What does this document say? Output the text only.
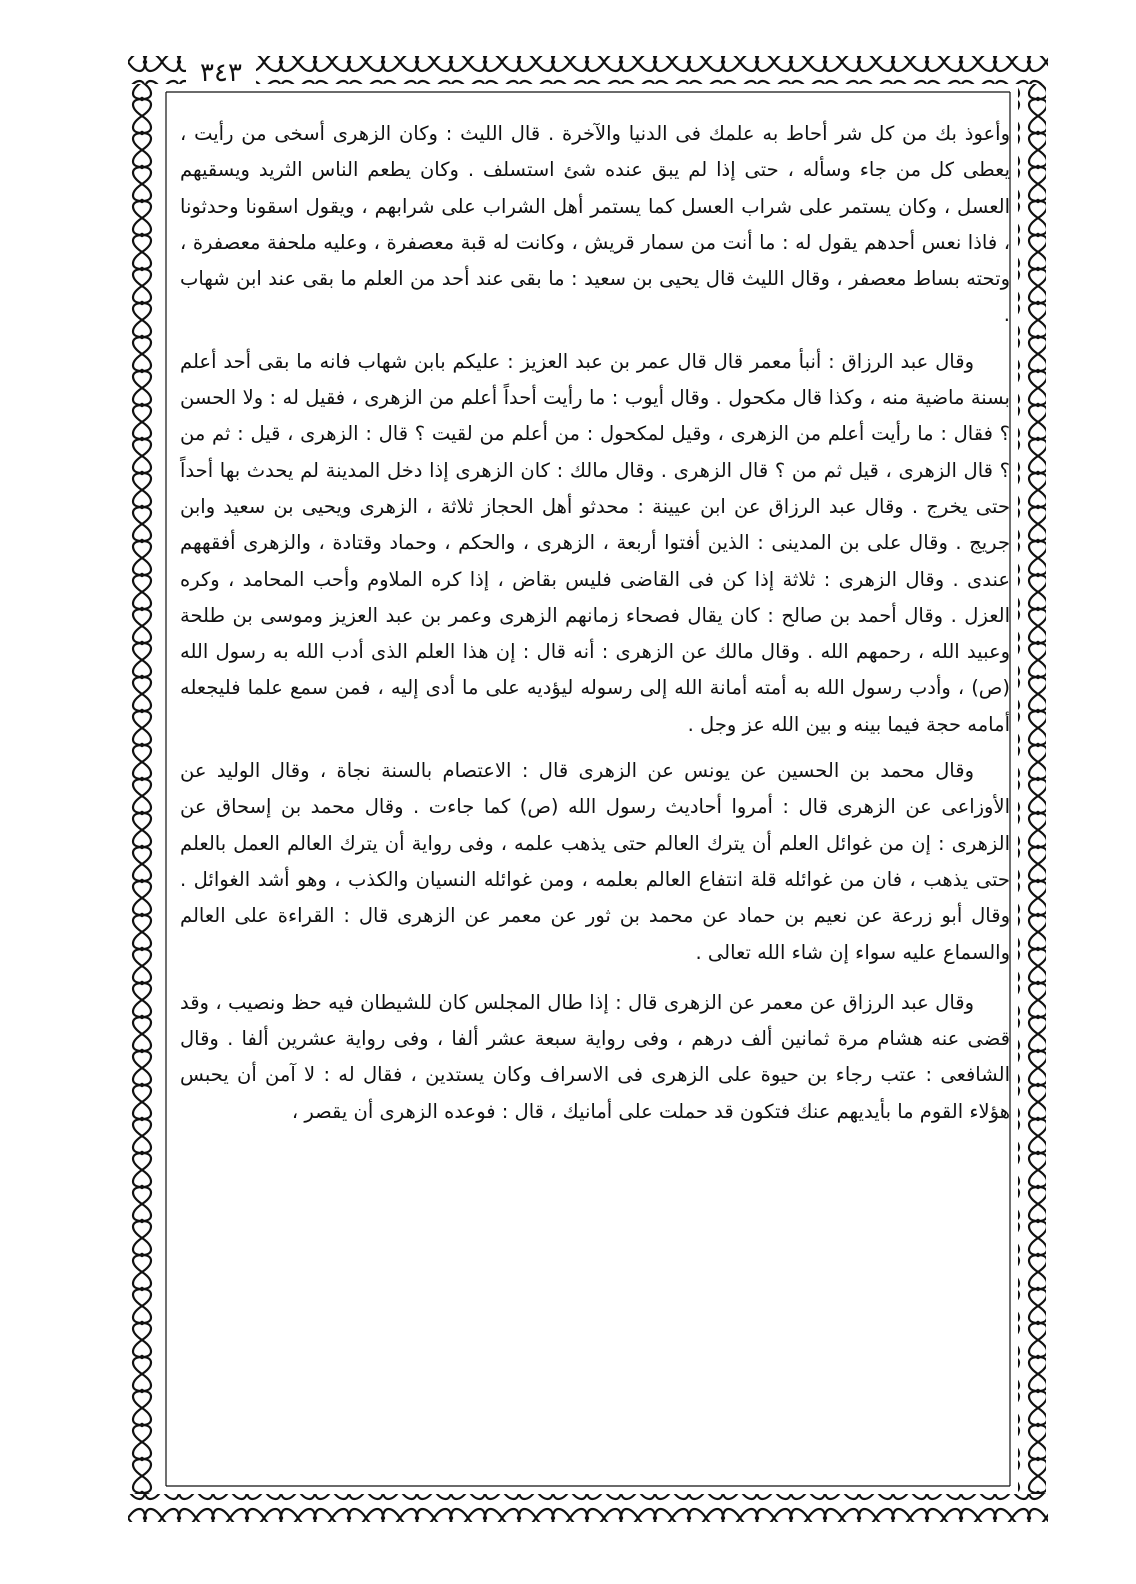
٣٤٣

وأعوذ بك من كل شر أحاط به علمك فى الدنيا والآخرة . قال الليث : وكان الزهرى أسخى من رأيت ، يعطى كل من جاء وسأله ، حتى إذا لم يبق عنده شئ استسلف . وكان يطعم الناس الثريد ويسقيهم العسل ، وكان يستمر على شراب العسل كما يستمر أهل الشراب على شرابهم ، ويقول اسقونا وحدثونا ، فاذا نعس أحدهم يقول له : ما أنت من سمار قريش ، وكانت له قبة معصفرة ، وعليه ملحفة معصفرة ، وتحته بساط معصفر ، وقال الليث قال يحيى بن سعيد : ما بقى عند أحد من العلم ما بقى عند ابن شهاب .

وقال عبد الرزاق : أنبأ معمر قال قال عمر بن عبد العزيز : عليكم بابن شهاب فانه ما بقى أحد أعلم بسنة ماضية منه ، وكذا قال مكحول . وقال أيوب : ما رأيت أحداً أعلم من الزهرى ، فقيل له : ولا الحسن ؟ فقال : ما رأيت أعلم من الزهرى ، وقيل لمكحول : من أعلم من لقيت ؟ قال : الزهرى ، قيل : ثم من ؟ قال الزهرى ، قيل ثم من ؟ قال الزهرى . وقال مالك : كان الزهرى إذا دخل المدينة لم يحدث بها أحداً حتى يخرج . وقال عبد الرزاق عن ابن عيينة : محدثو أهل الحجاز ثلاثة ، الزهرى ويحيى بن سعيد وابن جريج . وقال على بن المدينى : الذين أفتوا أربعة ، الزهرى ، والحكم ، وحماد وقتادة ، والزهرى أفقههم عندى . وقال الزهرى : ثلاثة إذا كن فى القاضى فليس بقاض ، إذا كره الملاوم وأحب المحامد ، وكره العزل . وقال أحمد بن صالح : كان يقال فصحاء زمانهم الزهرى وعمر بن عبد العزيز وموسى بن طلحة وعبيد الله ، رحمهم الله . وقال مالك عن الزهرى : أنه قال : إن هذا العلم الذى أدب الله به رسول الله (ص) ، وأدب رسول الله به أمته أمانة الله إلى رسوله ليؤديه على ما أدى إليه ، فمن سمع علما فليجعله أمامه حجة فيما بينه و بين الله عز وجل .

وقال محمد بن الحسين عن يونس عن الزهرى قال : الاعتصام بالسنة نجاة ، وقال الوليد عن الأوزاعى عن الزهرى قال : أمروا أحاديث رسول الله (ص) كما جاءت . وقال محمد بن إسحاق عن الزهرى : إن من غوائل العلم أن يترك العالم حتى يذهب علمه ، وفى رواية أن يترك العالم العمل بالعلم حتى يذهب ، فان من غوائله قلة انتفاع العالم بعلمه ، ومن غوائله النسيان والكذب ، وهو أشد الغوائل . وقال أبو زرعة عن نعيم بن حماد عن محمد بن ثور عن معمر عن الزهرى قال : القراءة على العالم والسماع عليه سواء إن شاء الله تعالى .

وقال عبد الرزاق عن معمر عن الزهرى قال : إذا طال المجلس كان للشيطان فيه حظ ونصيب ، وقد قضى عنه هشام مرة ثمانين ألف درهم ، وفى رواية سبعة عشر ألفا ، وفى رواية عشرين ألفا . وقال الشافعى : عتب رجاء بن حيوة على الزهرى فى الاسراف وكان يستدين ، فقال له : لا آمن أن يحبس هؤلاء القوم ما بأيديهم عنك فتكون قد حملت على أمانيك ، قال : فوعده الزهرى أن يقصر ،
